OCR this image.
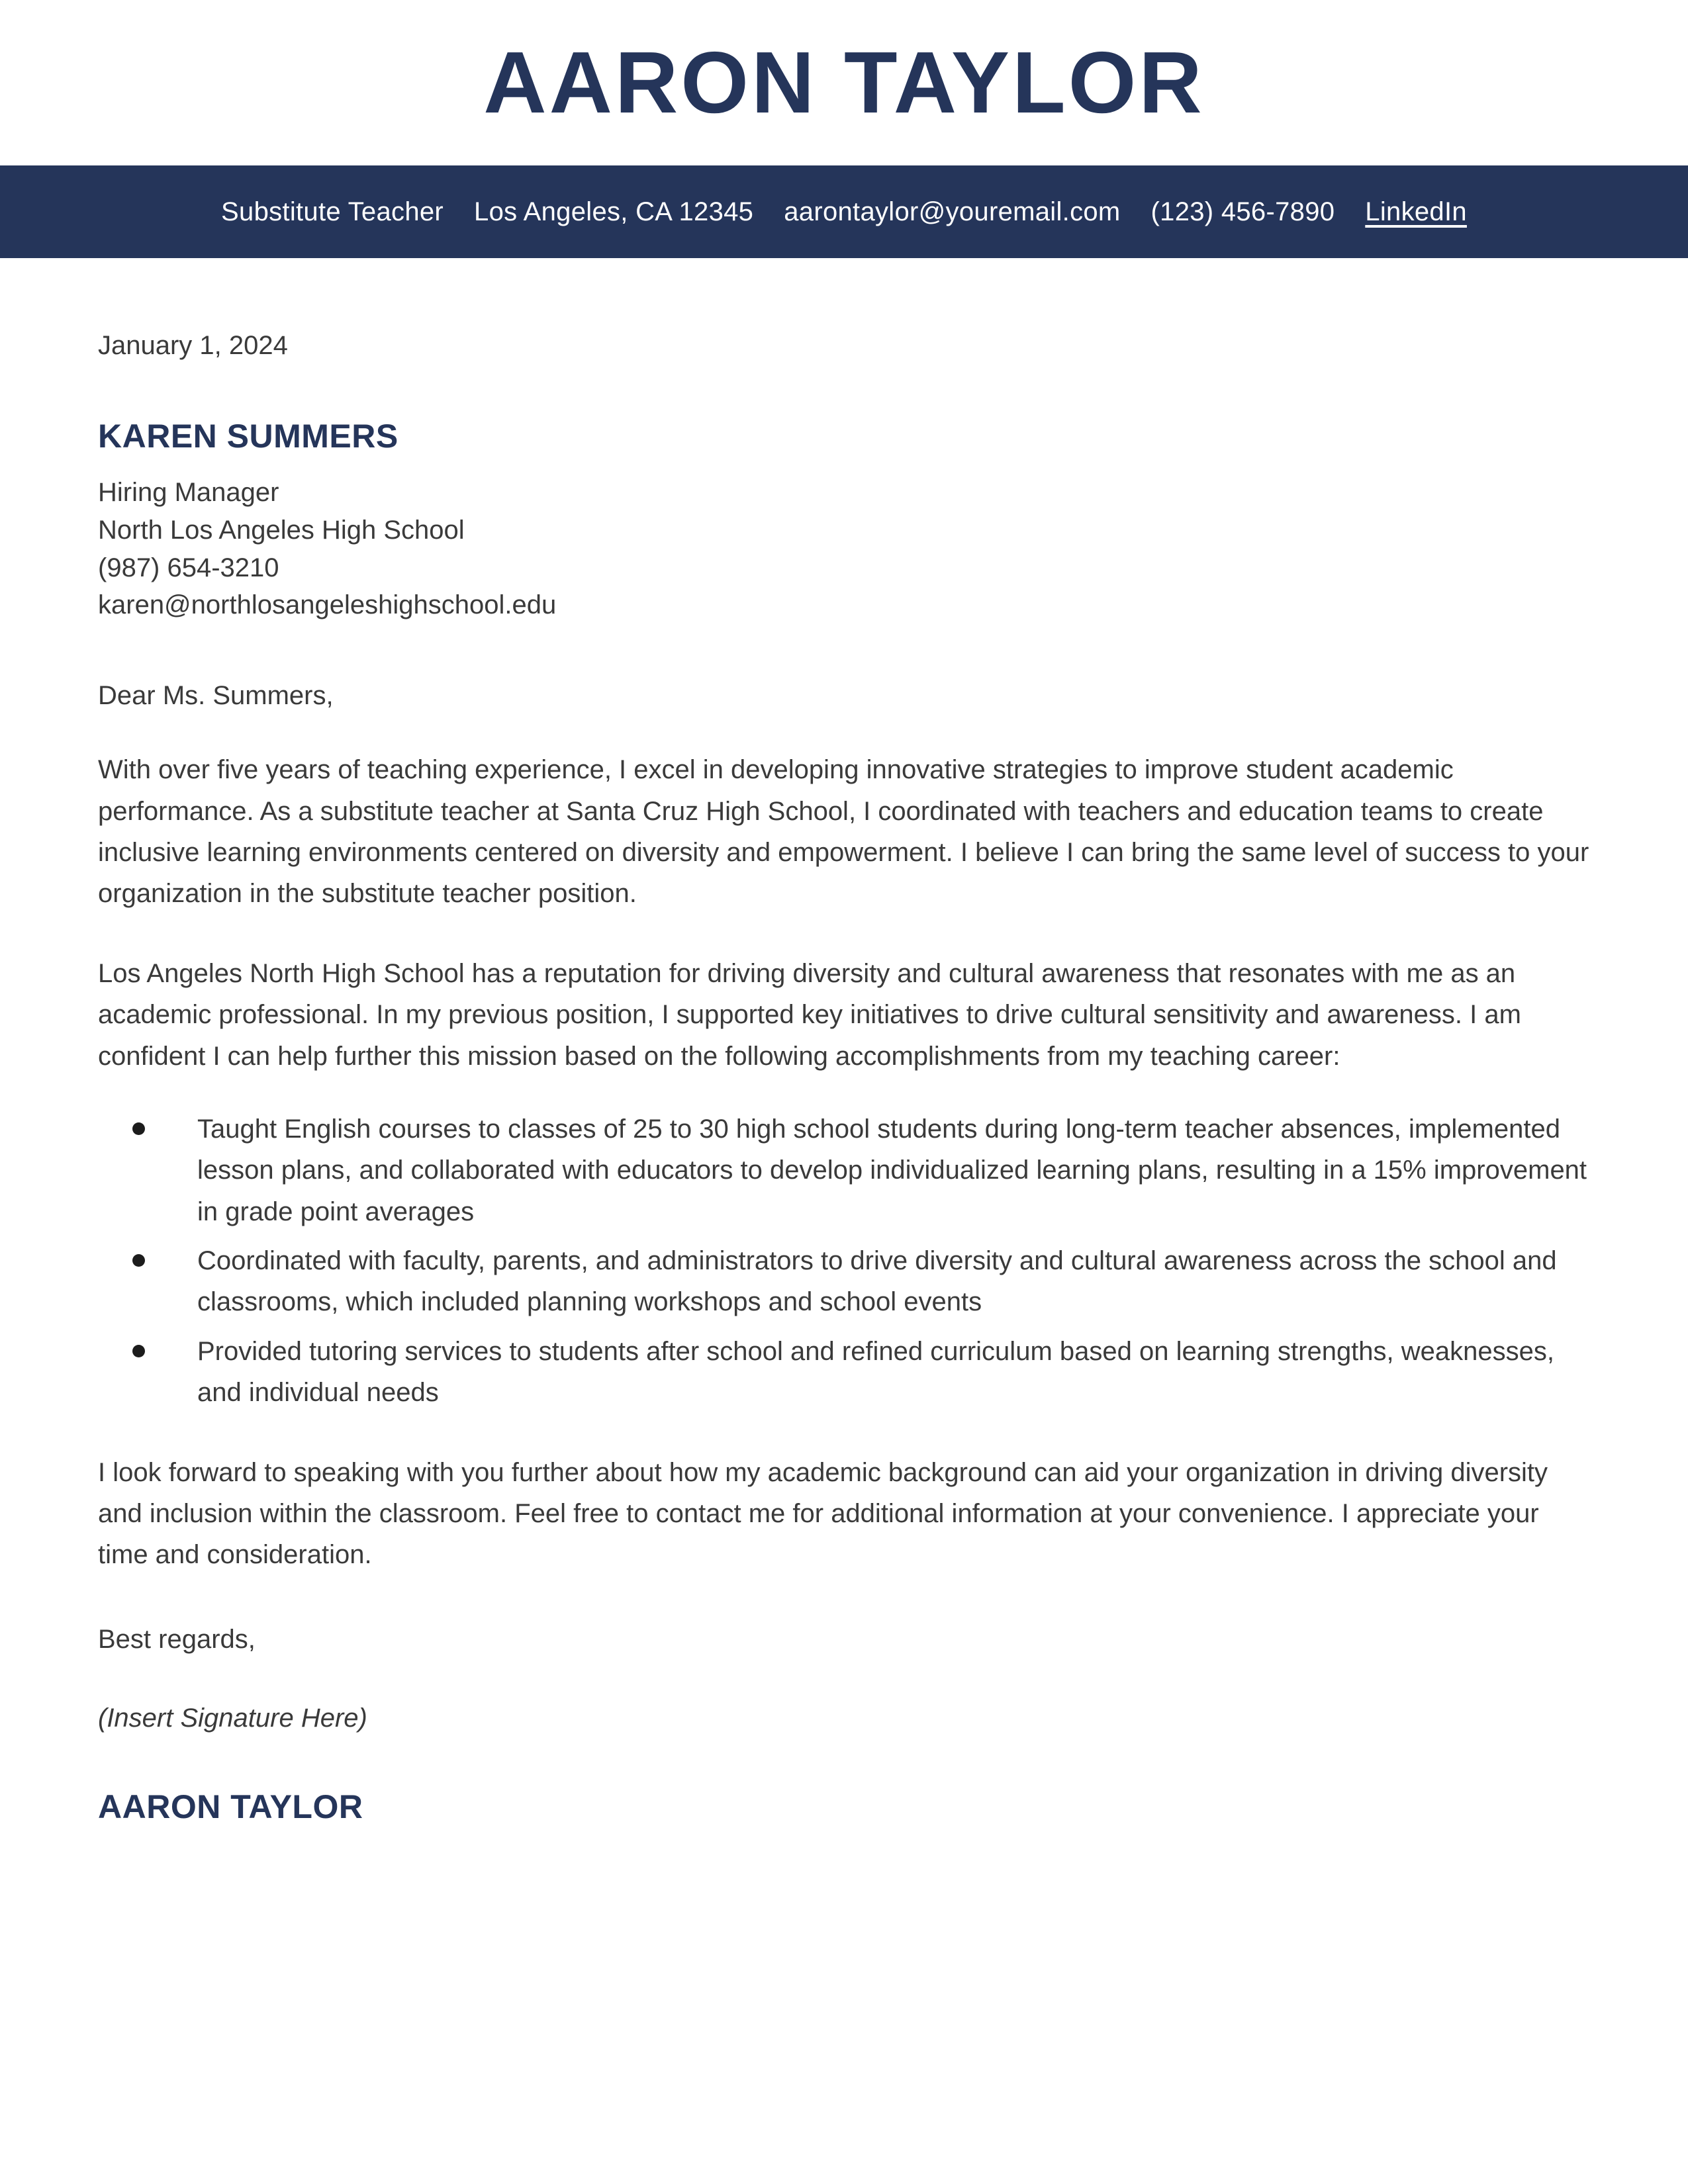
AARON TAYLOR
Substitute Teacher Los Angeles, CA 12345 aarontaylor@youremail.com (123) 456-7890 LinkedIn
January 1, 2024
KAREN SUMMERS
Hiring Manager
North Los Angeles High School
(987) 654-3210
karen@northlosangeleshighschool.edu
Dear Ms. Summers,

With over five years of teaching experience, I excel in developing innovative strategies to improve student academic performance. As a substitute teacher at Santa Cruz High School, I coordinated with teachers and education teams to create inclusive learning environments centered on diversity and empowerment. I believe I can bring the same level of success to your organization in the substitute teacher position.

Los Angeles North High School has a reputation for driving diversity and cultural awareness that resonates with me as an academic professional. In my previous position, I supported key initiatives to drive cultural sensitivity and awareness. I am confident I can help further this mission based on the following accomplishments from my teaching career:

Taught English courses to classes of 25 to 30 high school students during long-term teacher absences, implemented lesson plans, and collaborated with educators to develop individualized learning plans, resulting in a 15% improvement in grade point averages
Coordinated with faculty, parents, and administrators to drive diversity and cultural awareness across the school and classrooms, which included planning workshops and school events
Provided tutoring services to students after school and refined curriculum based on learning strengths, weaknesses, and individual needs

I look forward to speaking with you further about how my academic background can aid your organization in driving diversity and inclusion within the classroom. Feel free to contact me for additional information at your convenience. I appreciate your time and consideration.

Best regards,
(Insert Signature Here)
AARON TAYLOR
